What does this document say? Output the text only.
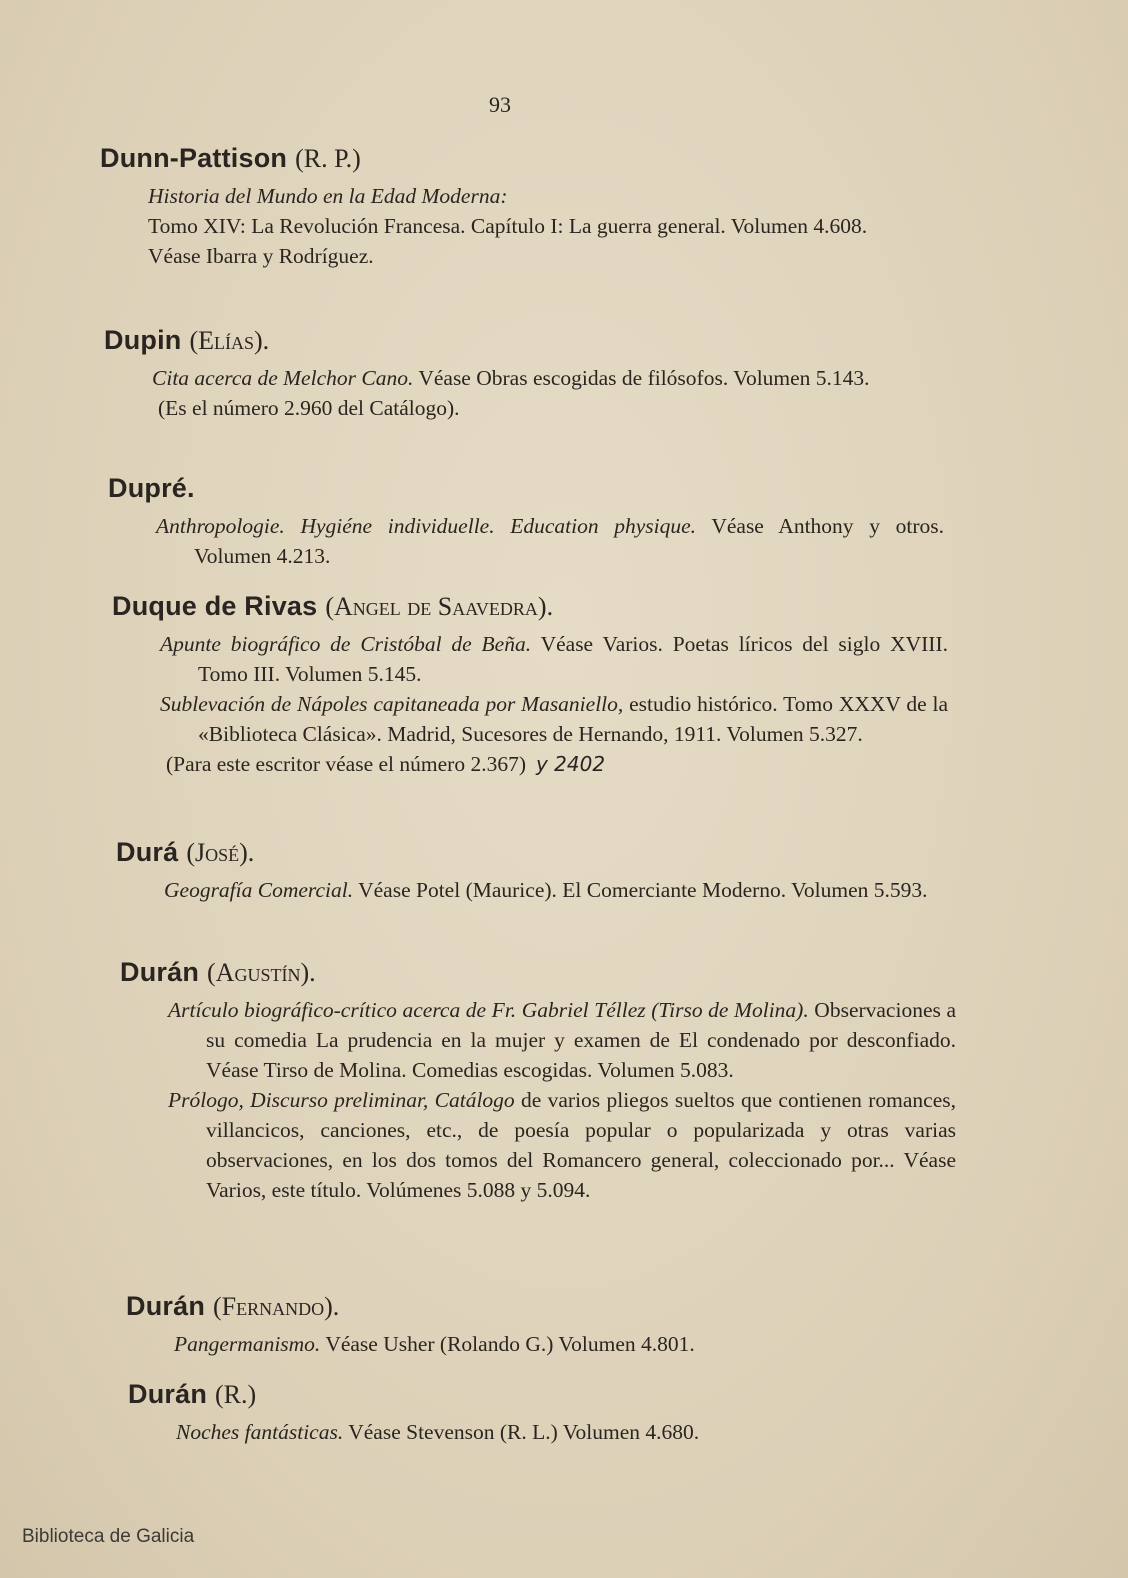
93
Dunn-Pattison (R. P.)
Historia del Mundo en la Edad Moderna:
Tomo XIV: La Revolución Francesa. Capítulo I: La guerra general. Volumen 4.608.
Véase Ibarra y Rodríguez.
Dupin (Elías).
Cita acerca de Melchor Cano. Véase Obras escogidas de filósofos. Volumen 5.143.
(Es el número 2.960 del Catálogo).
Dupré.
Anthropologie. Hygiéne individuelle. Education physique. Véase Anthony y otros. Volumen 4.213.
Duque de Rivas (Angel de Saavedra).
Apunte biográfico de Cristóbal de Beña. Véase Varios. Poetas líricos del siglo XVIII. Tomo III. Volumen 5.145.
Sublevación de Nápoles capitaneada por Masaniello, estudio histórico. Tomo XXXV de la «Biblioteca Clásica». Madrid, Sucesores de Hernando, 1911. Volumen 5.327.
(Para este escritor véase el número 2.367) y 2402
Durá (José).
Geografía Comercial. Véase Potel (Maurice). El Comerciante Moderno. Volumen 5.593.
Durán (Agustín).
Artículo biográfico-crítico acerca de Fr. Gabriel Téllez (Tirso de Molina). Observaciones a su comedia La prudencia en la mujer y examen de El condenado por desconfiado. Véase Tirso de Molina. Comedias escogidas. Volumen 5.083.
Prólogo, Discurso preliminar, Catálogo de varios pliegos sueltos que contienen romances, villancicos, canciones, etc., de poesía popular o popularizada y otras varias observaciones, en los dos tomos del Romancero general, coleccionado por... Véase Varios, este título. Volúmenes 5.088 y 5.094.
Durán (Fernando).
Pangermanismo. Véase Usher (Rolando G.) Volumen 4.801.
Durán (R.)
Noches fantásticas. Véase Stevenson (R. L.) Volumen 4.680.
Biblioteca de Galicia
